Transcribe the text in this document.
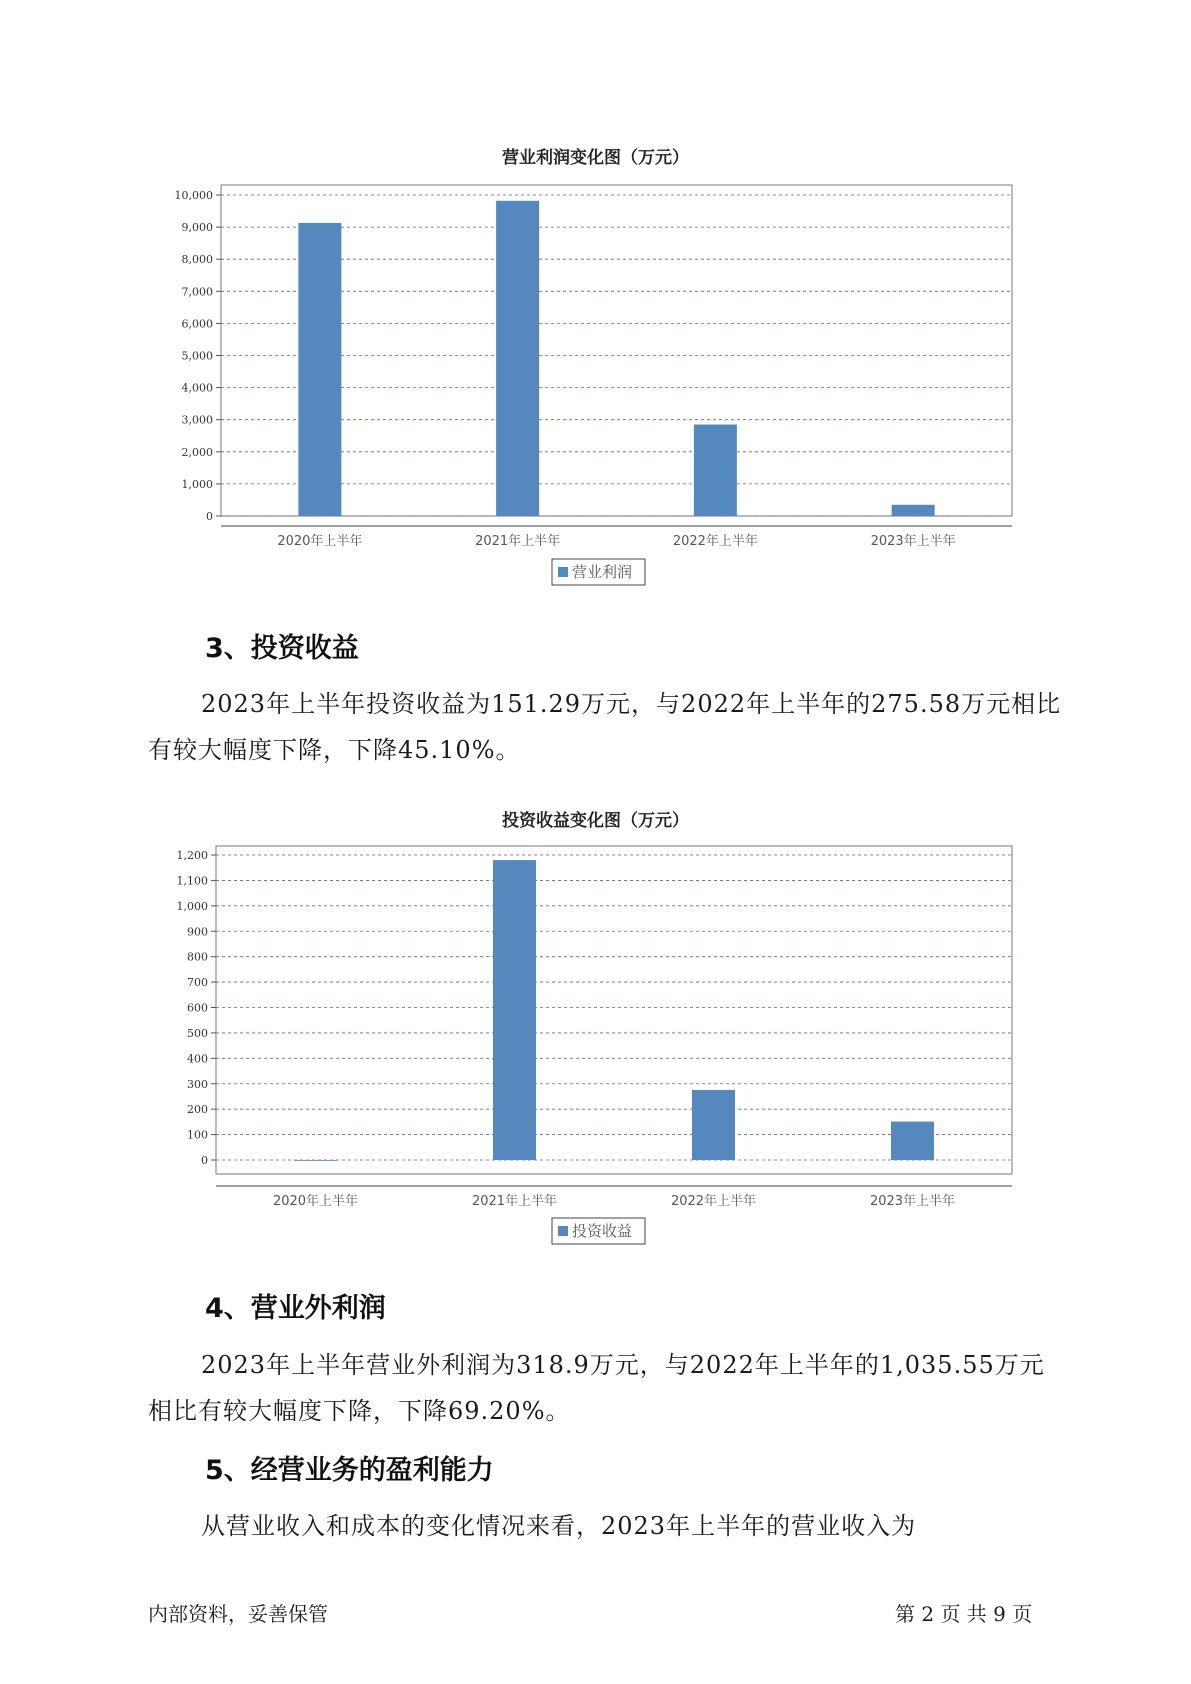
营业利润变化图（万元）
0
1,000
2,000
3,000
4,000
5,000
6,000
7,000
8,000
9,000
10,000
2020年上半年	2021年上半年	2022年上半年	2023年上半年
营业利润
3、投资收益

2023年上半年投资收益为151.29万元，与2022年上半年的275.58万元相比有较大幅度下降，下降45.10%。

投资收益变化图（万元）
0
100
200
300
400
500
600
700
800
900
1,000
1,100
1,200
2020年上半年	2021年上半年	2022年上半年	2023年上半年
投资收益
4、营业外利润

2023年上半年营业外利润为318.9万元，与2022年上半年的1,035.55万元相比有较大幅度下降，下降69.20%。

5、经营业务的盈利能力

从营业收入和成本的变化情况来看，2023年上半年的营业收入为

内部资料，妥善保管	第 2 页 共 9 页
